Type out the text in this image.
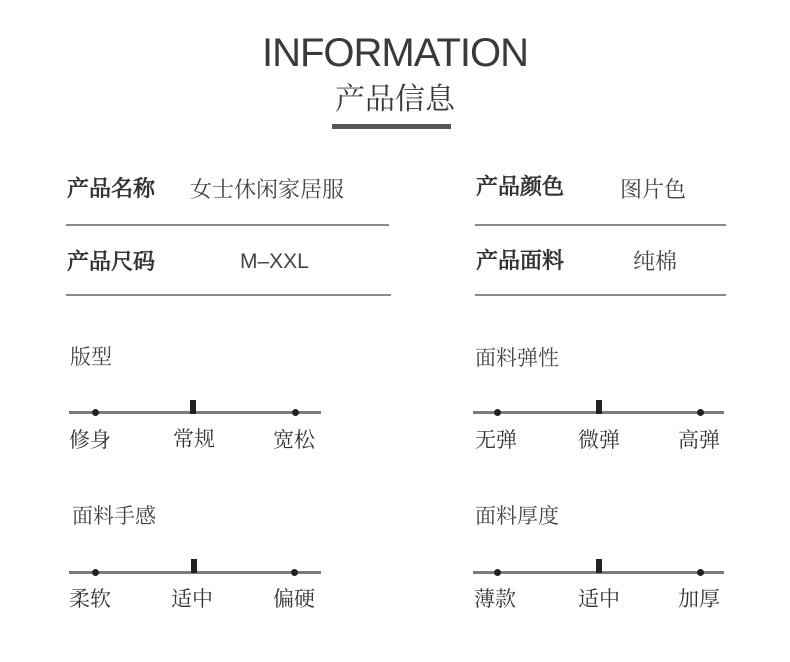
INFORMATION
产品信息
产品名称 女士休闲家居服
产品尺码	M–XXL
产品颜色	图片色
产品面料	纯棉
版型
修身	常规	宽松
面料弹性
无弹	微弹	高弹
面料手感
柔软	适中	偏硬
面料厚度
薄款	适中	加厚
